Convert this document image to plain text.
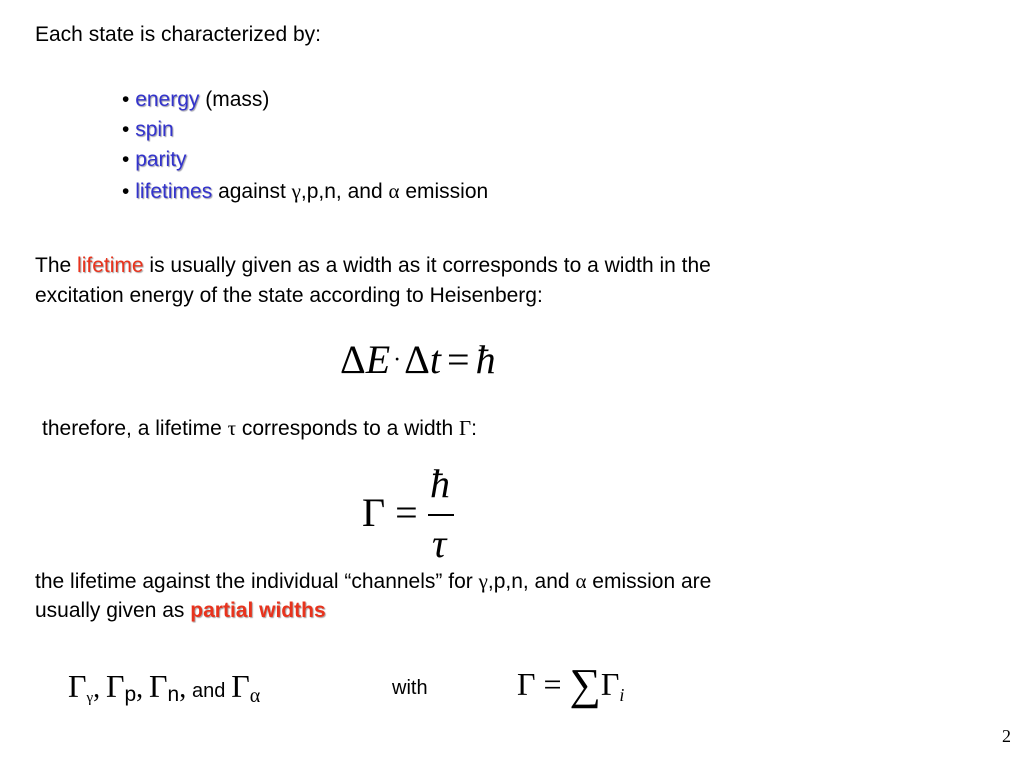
Each state is characterized by:
• energy (mass)
• spin
• parity
• lifetimes against γ,p,n, and α emission
The lifetime is usually given as a width as it corresponds to a width in the
excitation energy of the state according to Heisenberg:
ΔE ·Δt = ħ
therefore, a lifetime τ corresponds to a width Γ:
Γ =
ħ
τ
the lifetime against the individual “channels” for γ,p,n, and α emission are
usually given as partial widths
$\Gamma_\gamma$, Γp, Γn, and Γα	with	Γ = ∑Γi
2
